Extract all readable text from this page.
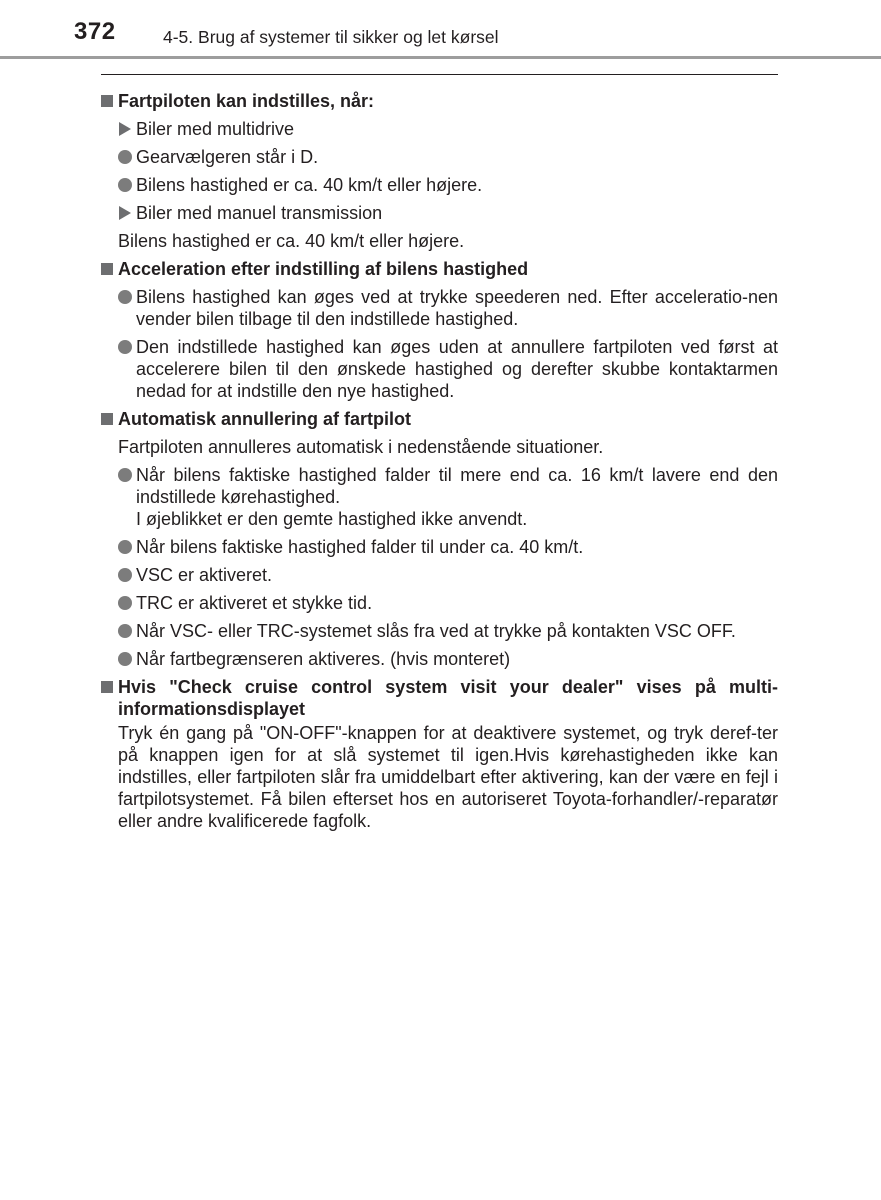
372	4-5. Brug af systemer til sikker og let kørsel
Fartpiloten kan indstilles, når:
Biler med multidrive
Gearvælgeren står i D.
Bilens hastighed er ca. 40 km/t eller højere.
Biler med manuel transmission
Bilens hastighed er ca. 40 km/t eller højere.
Acceleration efter indstilling af bilens hastighed
Bilens hastighed kan øges ved at trykke speederen ned. Efter acceleratio-nen vender bilen tilbage til den indstillede hastighed.
Den indstillede hastighed kan øges uden at annullere fartpiloten ved først at accelerere bilen til den ønskede hastighed og derefter skubbe kontaktarmen nedad for at indstille den nye hastighed.
Automatisk annullering af fartpilot
Fartpiloten annulleres automatisk i nedenstående situationer.
Når bilens faktiske hastighed falder til mere end ca. 16 km/t lavere end den indstillede kørehastighed.
I øjeblikket er den gemte hastighed ikke anvendt.
Når bilens faktiske hastighed falder til under ca. 40 km/t.
VSC er aktiveret.
TRC er aktiveret et stykke tid.
Når VSC- eller TRC-systemet slås fra ved at trykke på kontakten VSC OFF.
Når fartbegrænseren aktiveres. (hvis monteret)
Hvis "Check cruise control system visit your dealer" vises på multi-informationsdisplayet
Tryk én gang på "ON-OFF"-knappen for at deaktivere systemet, og tryk deref-ter på knappen igen for at slå systemet til igen.Hvis kørehastigheden ikke kan indstilles, eller fartpiloten slår fra umiddelbart efter aktivering, kan der være en fejl i fartpilotsystemet. Få bilen efterset hos en autoriseret Toyota-forhandler/-reparatør eller andre kvalificerede fagfolk.
